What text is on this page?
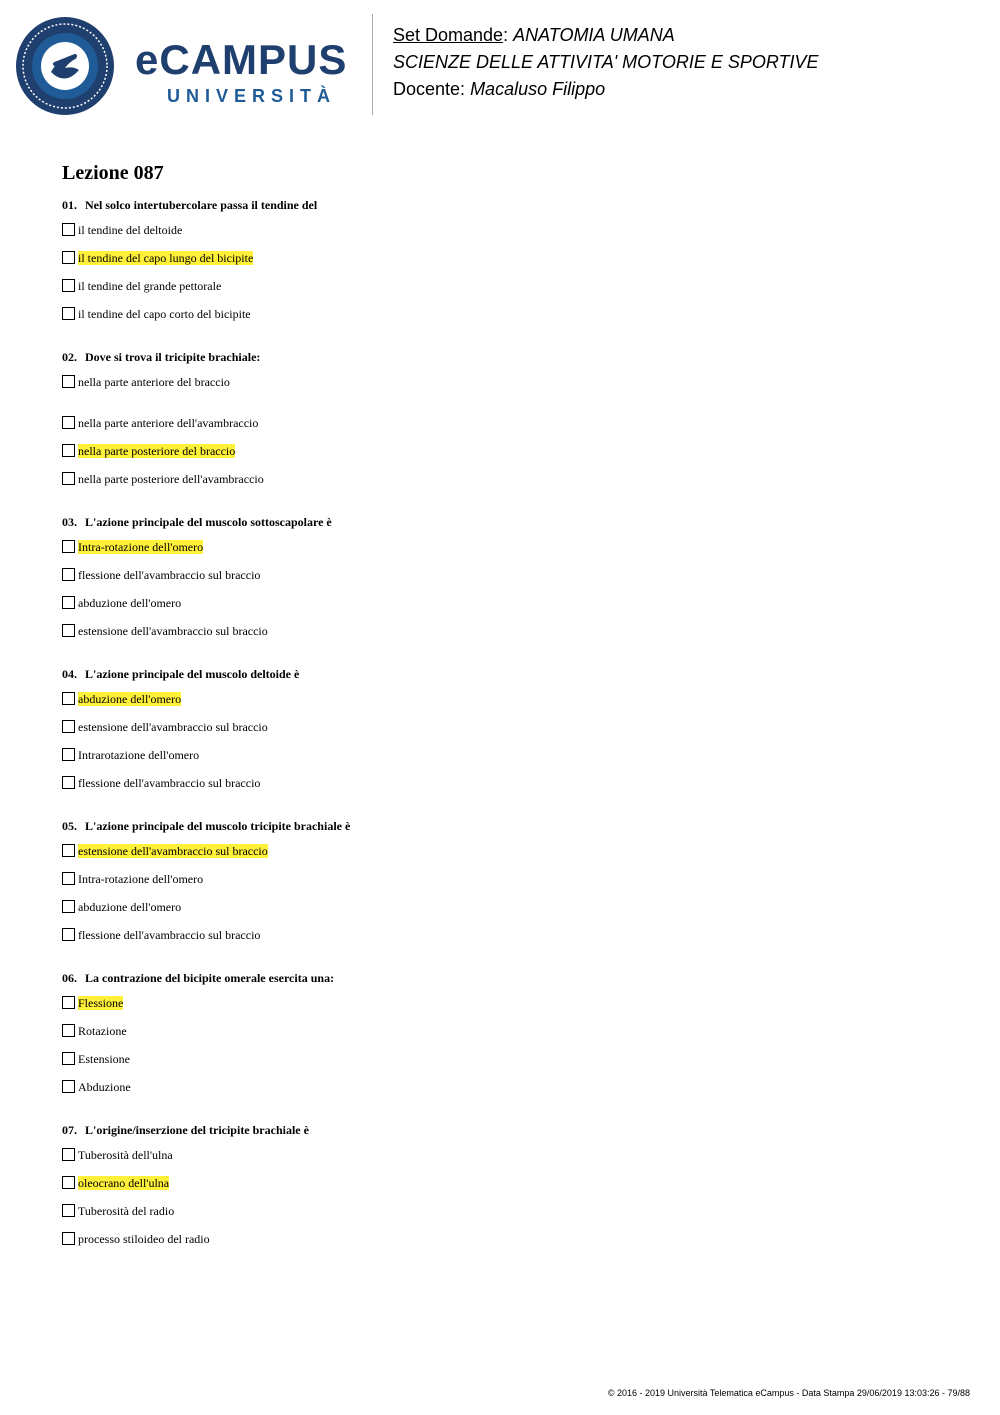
eCAMPUS
UNIVERSITÀ
Set Domande: ANATOMIA UMANA
SCIENZE DELLE ATTIVITA' MOTORIE E SPORTIVE
Docente: Macaluso Filippo
Lezione 087
01. Nel solco intertubercolare passa il tendine del
il tendine del deltoide
il tendine del capo lungo del bicipite
il tendine del grande pettorale
il tendine del capo corto del bicipite
02. Dove si trova il tricipite brachiale:
nella parte anteriore del braccio
nella parte anteriore dell'avambraccio
nella parte posteriore del braccio
nella parte posteriore dell'avambraccio
03. L'azione principale del muscolo sottoscapolare è
Intra-rotazione dell'omero
flessione dell'avambraccio sul braccio
abduzione dell'omero
estensione dell'avambraccio sul braccio
04. L'azione principale del muscolo deltoide è
abduzione dell'omero
estensione dell'avambraccio sul braccio
Intrarotazione dell'omero
flessione dell'avambraccio sul braccio
05. L'azione principale del muscolo tricipite brachiale è
estensione dell'avambraccio sul braccio
Intra-rotazione dell'omero
abduzione dell'omero
flessione dell'avambraccio sul braccio
06. La contrazione del bicipite omerale esercita una:
Flessione
Rotazione
Estensione
Abduzione
07. L'origine/inserzione del tricipite brachiale è
Tuberosità dell'ulna
oleocrano dell'ulna
Tuberosità del radio
processo stiloideo del radio
© 2016 - 2019 Università Telematica eCampus - Data Stampa 29/06/2019 13:03:26 - 79/88
